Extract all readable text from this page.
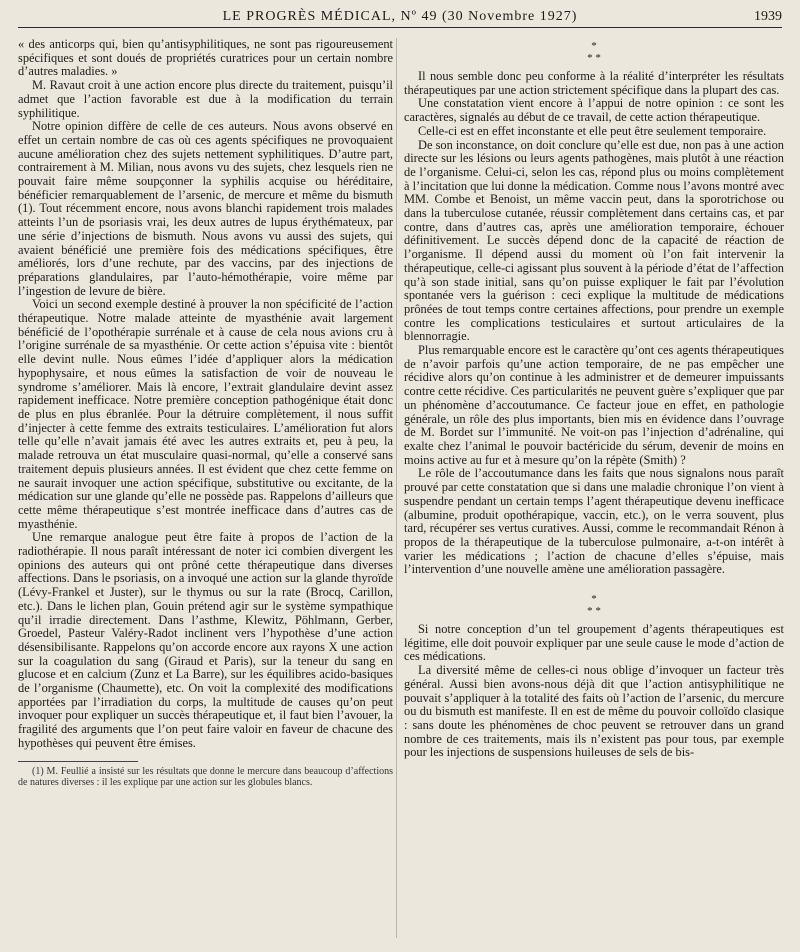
LE PROGRÈS MÉDICAL, Nº 49 (30 Novembre 1927)	1939

« des anticorps qui, bien qu’antisyphilitiques, ne sont pas rigoureusement spécifiques et sont doués de propriétés curatrices pour un certain nombre d’autres maladies. »

M. Ravaut croit à une action encore plus directe du traitement, puisqu’il admet que l’action favorable est due à la modification du terrain syphilitique.

Notre opinion diffère de celle de ces auteurs. Nous avons observé en effet un certain nombre de cas où ces agents spécifiques ne provoquaient aucune amélioration chez des sujets nettement syphilitiques. D’autre part, contrairement à M. Milian, nous avons vu des sujets, chez lesquels rien ne pouvait faire même soupçonner la syphilis acquise ou héréditaire, bénéficier remarquablement de l’arsenic, de mercure et même du bismuth (1). Tout récemment encore, nous avons blanchi rapidement trois malades atteints l’un de psoriasis vrai, les deux autres de lupus érythémateux, par une série d’injections de bismuth. Nous avons vu aussi des sujets, qui avaient bénéficié une première fois des médications spécifiques, être améliorés, lors d’une rechute, par des vaccins, par des injections de préparations glandulaires, par l’auto-hémothérapie, voire même par l’ingestion de levure de bière.

Voici un second exemple destiné à prouver la non spécificité de l’action thérapeutique. Notre malade atteinte de myasthénie avait largement bénéficié de l’opothérapie surrénale et à cause de cela nous avions cru à l’origine surrénale de sa myasthénie. Or cette action s’épuisa vite : bientôt elle devint nulle. Nous eûmes l’idée d’appliquer alors la médication hypophysaire, et nous eûmes la satisfaction de voir de nouveau le syndrome s’améliorer. Mais là encore, l’extrait glandulaire devint assez rapidement inefficace. Notre première conception pathogénique était donc de plus en plus ébranlée. Pour la détruire complètement, il nous suffit d’injecter à cette femme des extraits testiculaires. L’amélioration fut alors telle qu’elle n’avait jamais été avec les autres extraits et, peu à peu, la malade retrouva un état musculaire quasi-normal, qu’elle a conservé sans traitement depuis plusieurs années. Il est évident que chez cette femme on ne saurait invoquer une action spécifique, substitutive ou excitante, de la médication sur une glande qu’elle ne possède pas. Rappelons d’ailleurs que cette même thérapeutique s’est montrée inefficace dans d’autres cas de myasthénie.

Une remarque analogue peut être faite à propos de l’action de la radiothérapie. Il nous paraît intéressant de noter ici combien divergent les opinions des auteurs qui ont prôné cette thérapeutique dans diverses affections. Dans le psoriasis, on a invoqué une action sur la glande thyroïde (Lévy-Frankel et Juster), sur le thymus ou sur la rate (Brocq, Carillon, etc.). Dans le lichen plan, Gouin prétend agir sur le système sympathique qu’il irradie directement. Dans l’asthme, Klewitz, Pöhlmann, Gerber, Groedel, Pasteur Valéry-Radot inclinent vers l’hypothèse d’une action désensibilisante. Rappelons qu’on accorde encore aux rayons X une action sur la coagulation du sang (Giraud et Paris), sur la teneur du sang en glucose et en calcium (Zunz et La Barre), sur les équilibres acido-basiques de l’organisme (Chaumette), etc. On voit la complexité des modifications apportées par l’irradiation du corps, la multitude de causes qu’on peut invoquer pour expliquer un succès thérapeutique et, il faut bien l’avouer, la fragilité des arguments que l’on peut faire valoir en faveur de chacune des hypothèses qui peuvent être émises.

(1) M. Feullié a insisté sur les résultats que donne le mercure dans beaucoup d’affections de natures diverses : il les explique par une action sur les globules blancs.

*
* *

Il nous semble donc peu conforme à la réalité d’interpréter les résultats thérapeutiques par une action strictement spécifique dans la plupart des cas.

Une constatation vient encore à l’appui de notre opinion : ce sont les caractères, signalés au début de ce travail, de cette action thérapeutique.

Celle-ci est en effet inconstante et elle peut être seulement temporaire.

De son inconstance, on doit conclure qu’elle est due, non pas à une action directe sur les lésions ou leurs agents pathogènes, mais plutôt à une réaction de l’organisme. Celui-ci, selon les cas, répond plus ou moins complètement à l’incitation que lui donne la médication. Comme nous l’avons montré avec MM. Combe et Benoist, un même vaccin peut, dans la sporotrichose ou dans la tuberculose cutanée, réussir complètement dans certains cas, et par contre, dans d’autres cas, après une amélioration temporaire, échouer définitivement. Le succès dépend donc de la capacité de réaction de l’organisme. Il dépend aussi du moment où l’on fait intervenir la thérapeutique, celle-ci agissant plus souvent à la période d’état de l’affection qu’à son stade initial, sans qu’on puisse expliquer le fait par l’évolution spontanée vers la guérison : ceci explique la multitude de médications prônées de tout temps contre certaines affections, pour prendre un exemple contre les complications testiculaires et surtout articulaires de la blennorragie.

Plus remarquable encore est le caractère qu’ont ces agents thérapeutiques de n’avoir parfois qu’une action temporaire, de ne pas empêcher une récidive alors qu’on continue à les administrer et de demeurer impuissants contre cette récidive. Ces particularités ne peuvent guère s’expliquer que par un phénomène d’accoutumance. Ce facteur joue en effet, en pathologie générale, un rôle des plus importants, bien mis en évidence dans l’ouvrage de M. Bordet sur l’immunité. Ne voit-on pas l’injection d’adrénaline, qui exalte chez l’animal le pouvoir bactéricide du sérum, devenir de moins en moins active au fur et à mesure qu’on la répète (Smith) ?

Le rôle de l’accoutumance dans les faits que nous signalons nous paraît prouvé par cette constatation que si dans une maladie chronique l’on vient à suspendre pendant un certain temps l’agent thérapeutique devenu inefficace (albumine, produit opothérapique, vaccin, etc.), on le verra souvent, plus tard, récupérer ses vertus curatives. Aussi, comme le recommandait Rénon à propos de la thérapeutique de la tuberculose pulmonaire, a-t-on intérêt à varier les médications ; l’action de chacune d’elles s’épuise, mais l’intervention d’une nouvelle amène une amélioration passagère.

*
* *

Si notre conception d’un tel groupement d’agents thérapeutiques est légitime, elle doit pouvoir expliquer par une seule cause le mode d’action de ces médications.

La diversité même de celles-ci nous oblige d’invoquer un facteur très général. Aussi bien avons-nous déjà dit que l’action antisyphilitique ne pouvait s’appliquer à la totalité des faits où l’action de l’arsenic, du mercure ou du bismuth est manifeste. Il en est de même du pouvoir colloïdo clasique : sans doute les phénomènes de choc peuvent se retrouver dans un grand nombre de ces traitements, mais ils n’existent pas pour tous, par exemple pour les injections de suspensions huileuses de sels de bis-
